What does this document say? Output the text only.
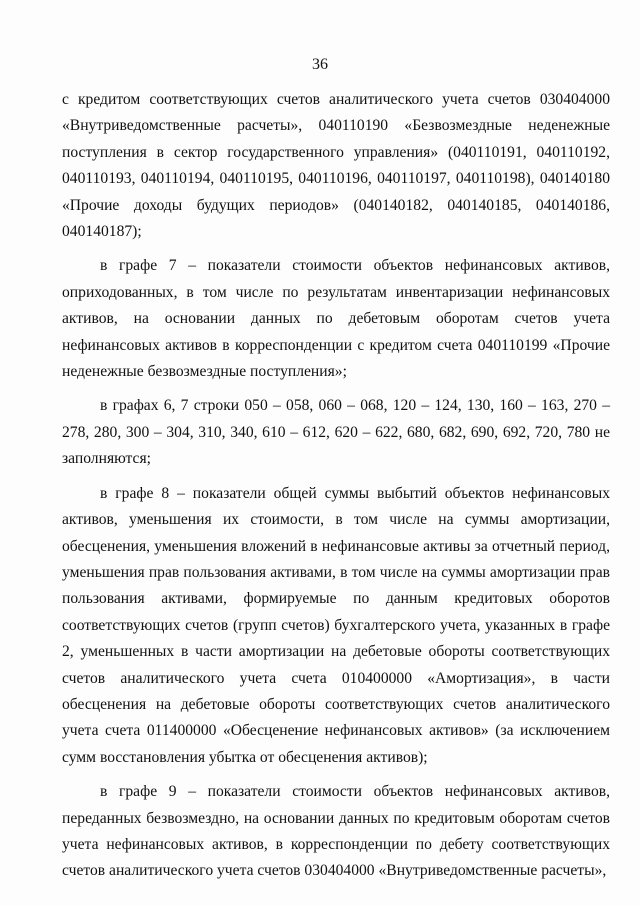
36

с кредитом соответствующих счетов аналитического учета счетов 030404000 «Внутриведомственные расчеты», 040110190 «Безвозмездные неденежные поступления в сектор государственного управления» (040110191, 040110192, 040110193, 040110194, 040110195, 040110196, 040110197, 040110198), 040140180 «Прочие доходы будущих периодов» (040140182, 040140185, 040140186, 040140187);

в графе 7 – показатели стоимости объектов нефинансовых активов, оприходованных, в том числе по результатам инвентаризации нефинансовых активов, на основании данных по дебетовым оборотам счетов учета нефинансовых активов в корреспонденции с кредитом счета 040110199 «Прочие неденежные безвозмездные поступления»;

в графах 6, 7 строки 050 – 058, 060 – 068, 120 – 124, 130, 160 – 163, 270 – 278, 280, 300 – 304, 310, 340, 610 – 612, 620 – 622, 680, 682, 690, 692, 720, 780 не заполняются;

в графе 8 – показатели общей суммы выбытий объектов нефинансовых активов, уменьшения их стоимости, в том числе на суммы амортизации, обесценения, уменьшения вложений в нефинансовые активы за отчетный период, уменьшения прав пользования активами, в том числе на суммы амортизации прав пользования активами, формируемые по данным кредитовых оборотов соответствующих счетов (групп счетов) бухгалтерского учета, указанных в графе 2, уменьшенных в части амортизации на дебетовые обороты соответствующих счетов аналитического учета счета 010400000 «Амортизация», в части обесценения на дебетовые обороты соответствующих счетов аналитического учета счета 011400000 «Обесценение нефинансовых активов» (за исключением сумм восстановления убытка от обесценения активов);

в графе 9 – показатели стоимости объектов нефинансовых активов, переданных безвозмездно, на основании данных по кредитовым оборотам счетов учета нефинансовых активов, в корреспонденции по дебету соответствующих счетов аналитического учета счетов 030404000 «Внутриведомственные расчеты»,
